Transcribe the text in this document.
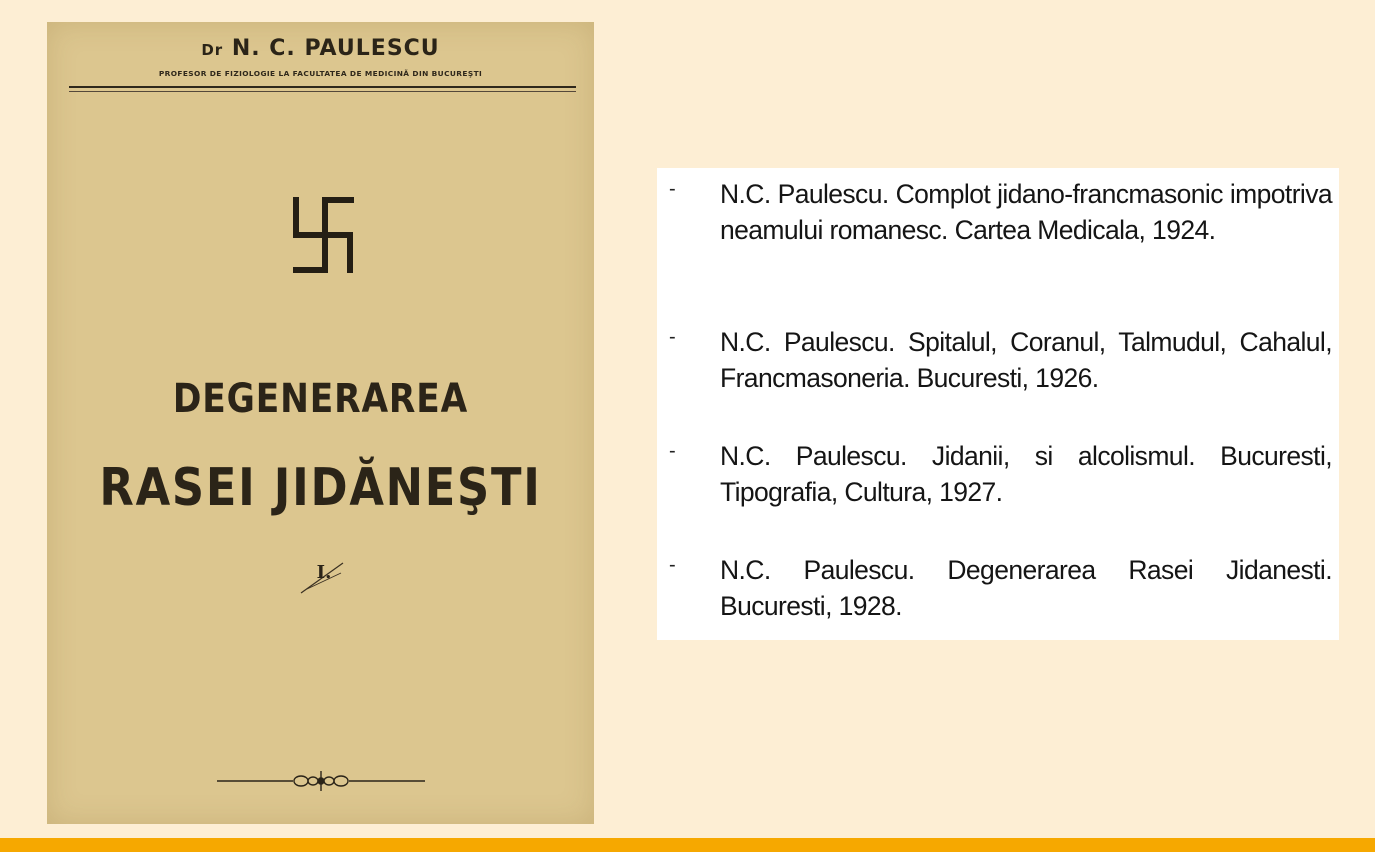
Dr N. C. PAULESCU
PROFESOR DE FIZIOLOGIE LA FACULTATEA DE MEDICINĂ DIN BUCUREŞTI
DEGENERAREA
RASEI JIDĂNEŞTI
I.
- N.C. Paulescu. Complot jidano-francmasonic impotriva neamului romanesc. Cartea Medicala, 1924.
- N.C. Paulescu. Spitalul, Coranul, Talmudul, Cahalul, Francmasoneria. Bucuresti, 1926.
- N.C. Paulescu. Jidanii, si alcolismul. Bucuresti, Tipografia, Cultura, 1927.
- N.C. Paulescu. Degenerarea Rasei Jidanesti. Bucuresti, 1928.
